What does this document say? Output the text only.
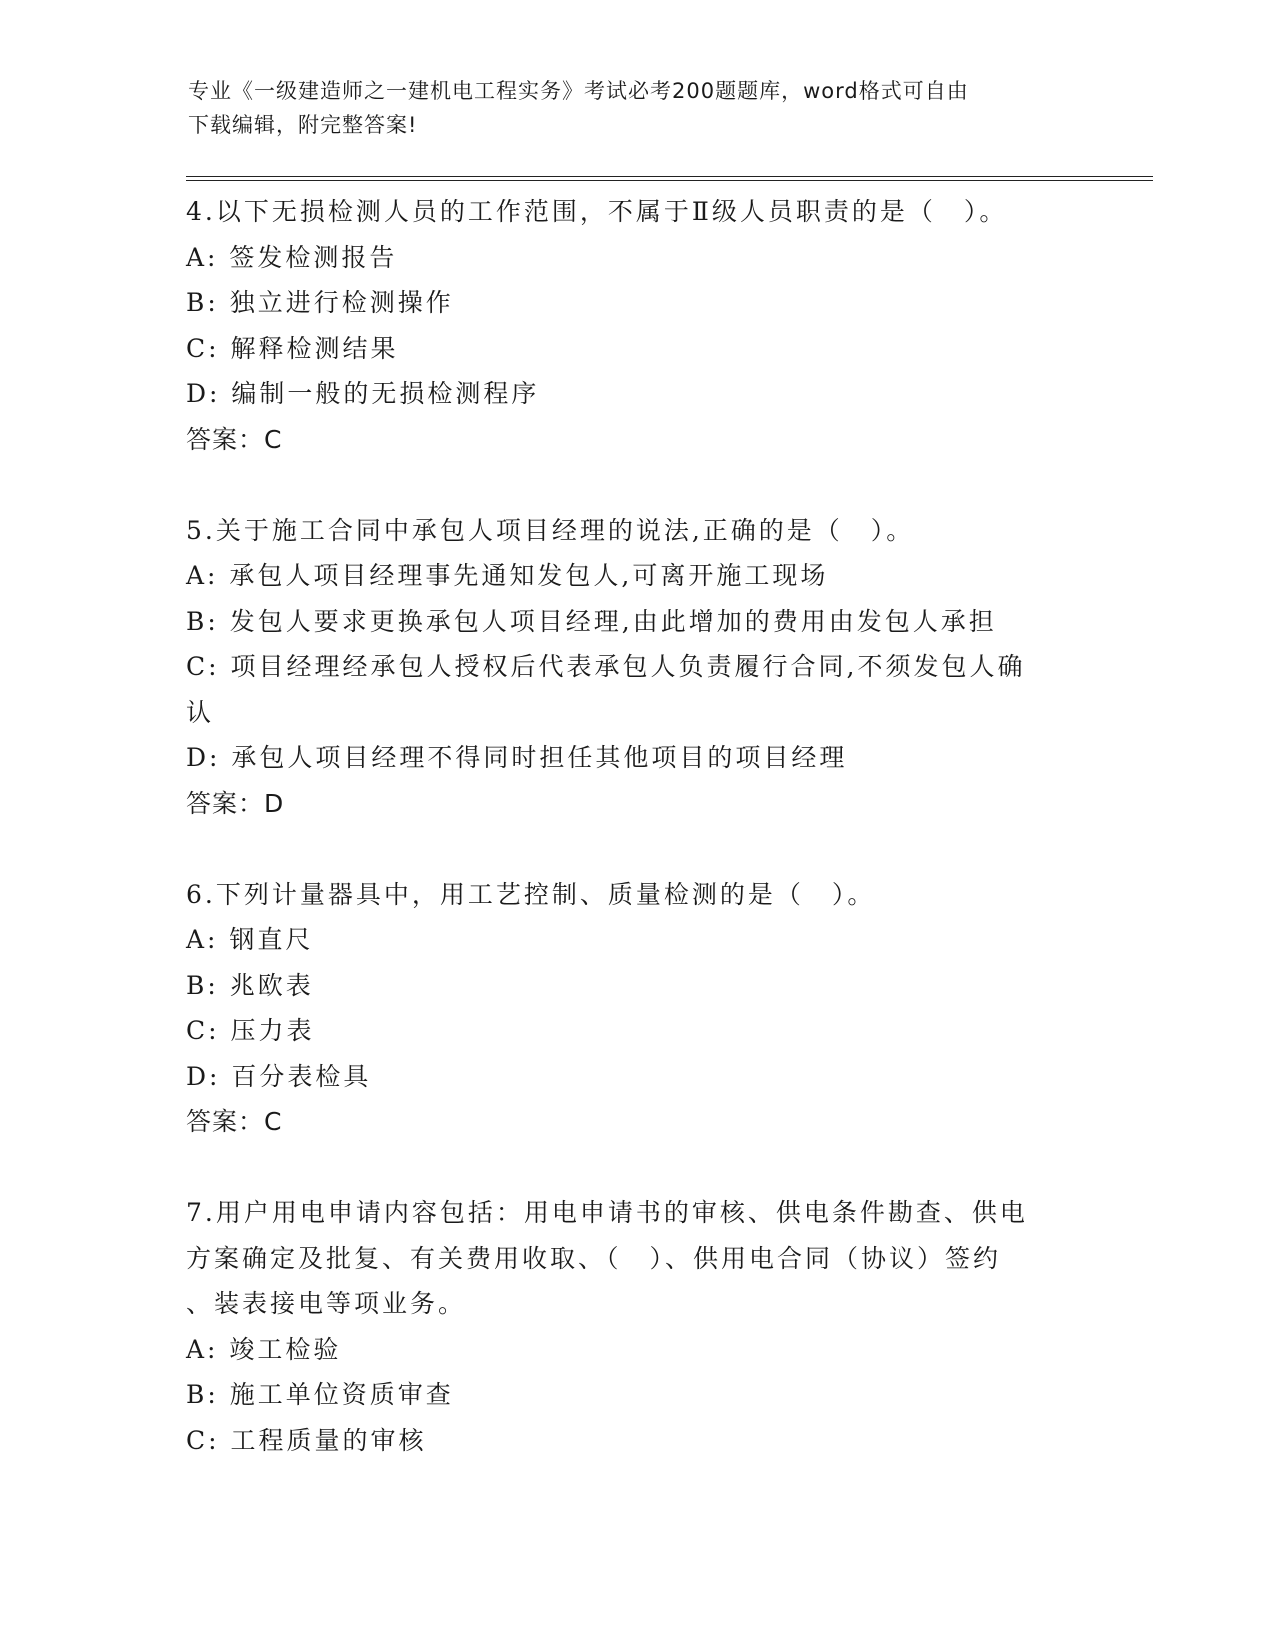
专业《一级建造师之一建机电工程实务》考试必考200题题库，word格式可自由
下载编辑，附完整答案!

4.以下无损检测人员的工作范围，不属于Ⅱ级人员职责的是（　）。

A: 签发检测报告

B: 独立进行检测操作

C: 解释检测结果

D: 编制一般的无损检测程序

答案：C

5.关于施工合同中承包人项目经理的说法,正确的是（　）。

A: 承包人项目经理事先通知发包人,可离开施工现场

B: 发包人要求更换承包人项目经理,由此增加的费用由发包人承担

C: 项目经理经承包人授权后代表承包人负责履行合同,不须发包人确

认

D: 承包人项目经理不得同时担任其他项目的项目经理

答案：D

6.下列计量器具中，用工艺控制、质量检测的是（　）。

A: 钢直尺

B: 兆欧表

C: 压力表

D: 百分表检具

答案：C

7.用户用电申请内容包括：用电申请书的审核、供电条件勘查、供电

方案确定及批复、有关费用收取、（　）、供用电合同（协议）签约

、装表接电等项业务。

A: 竣工检验

B: 施工单位资质审查

C: 工程质量的审核
